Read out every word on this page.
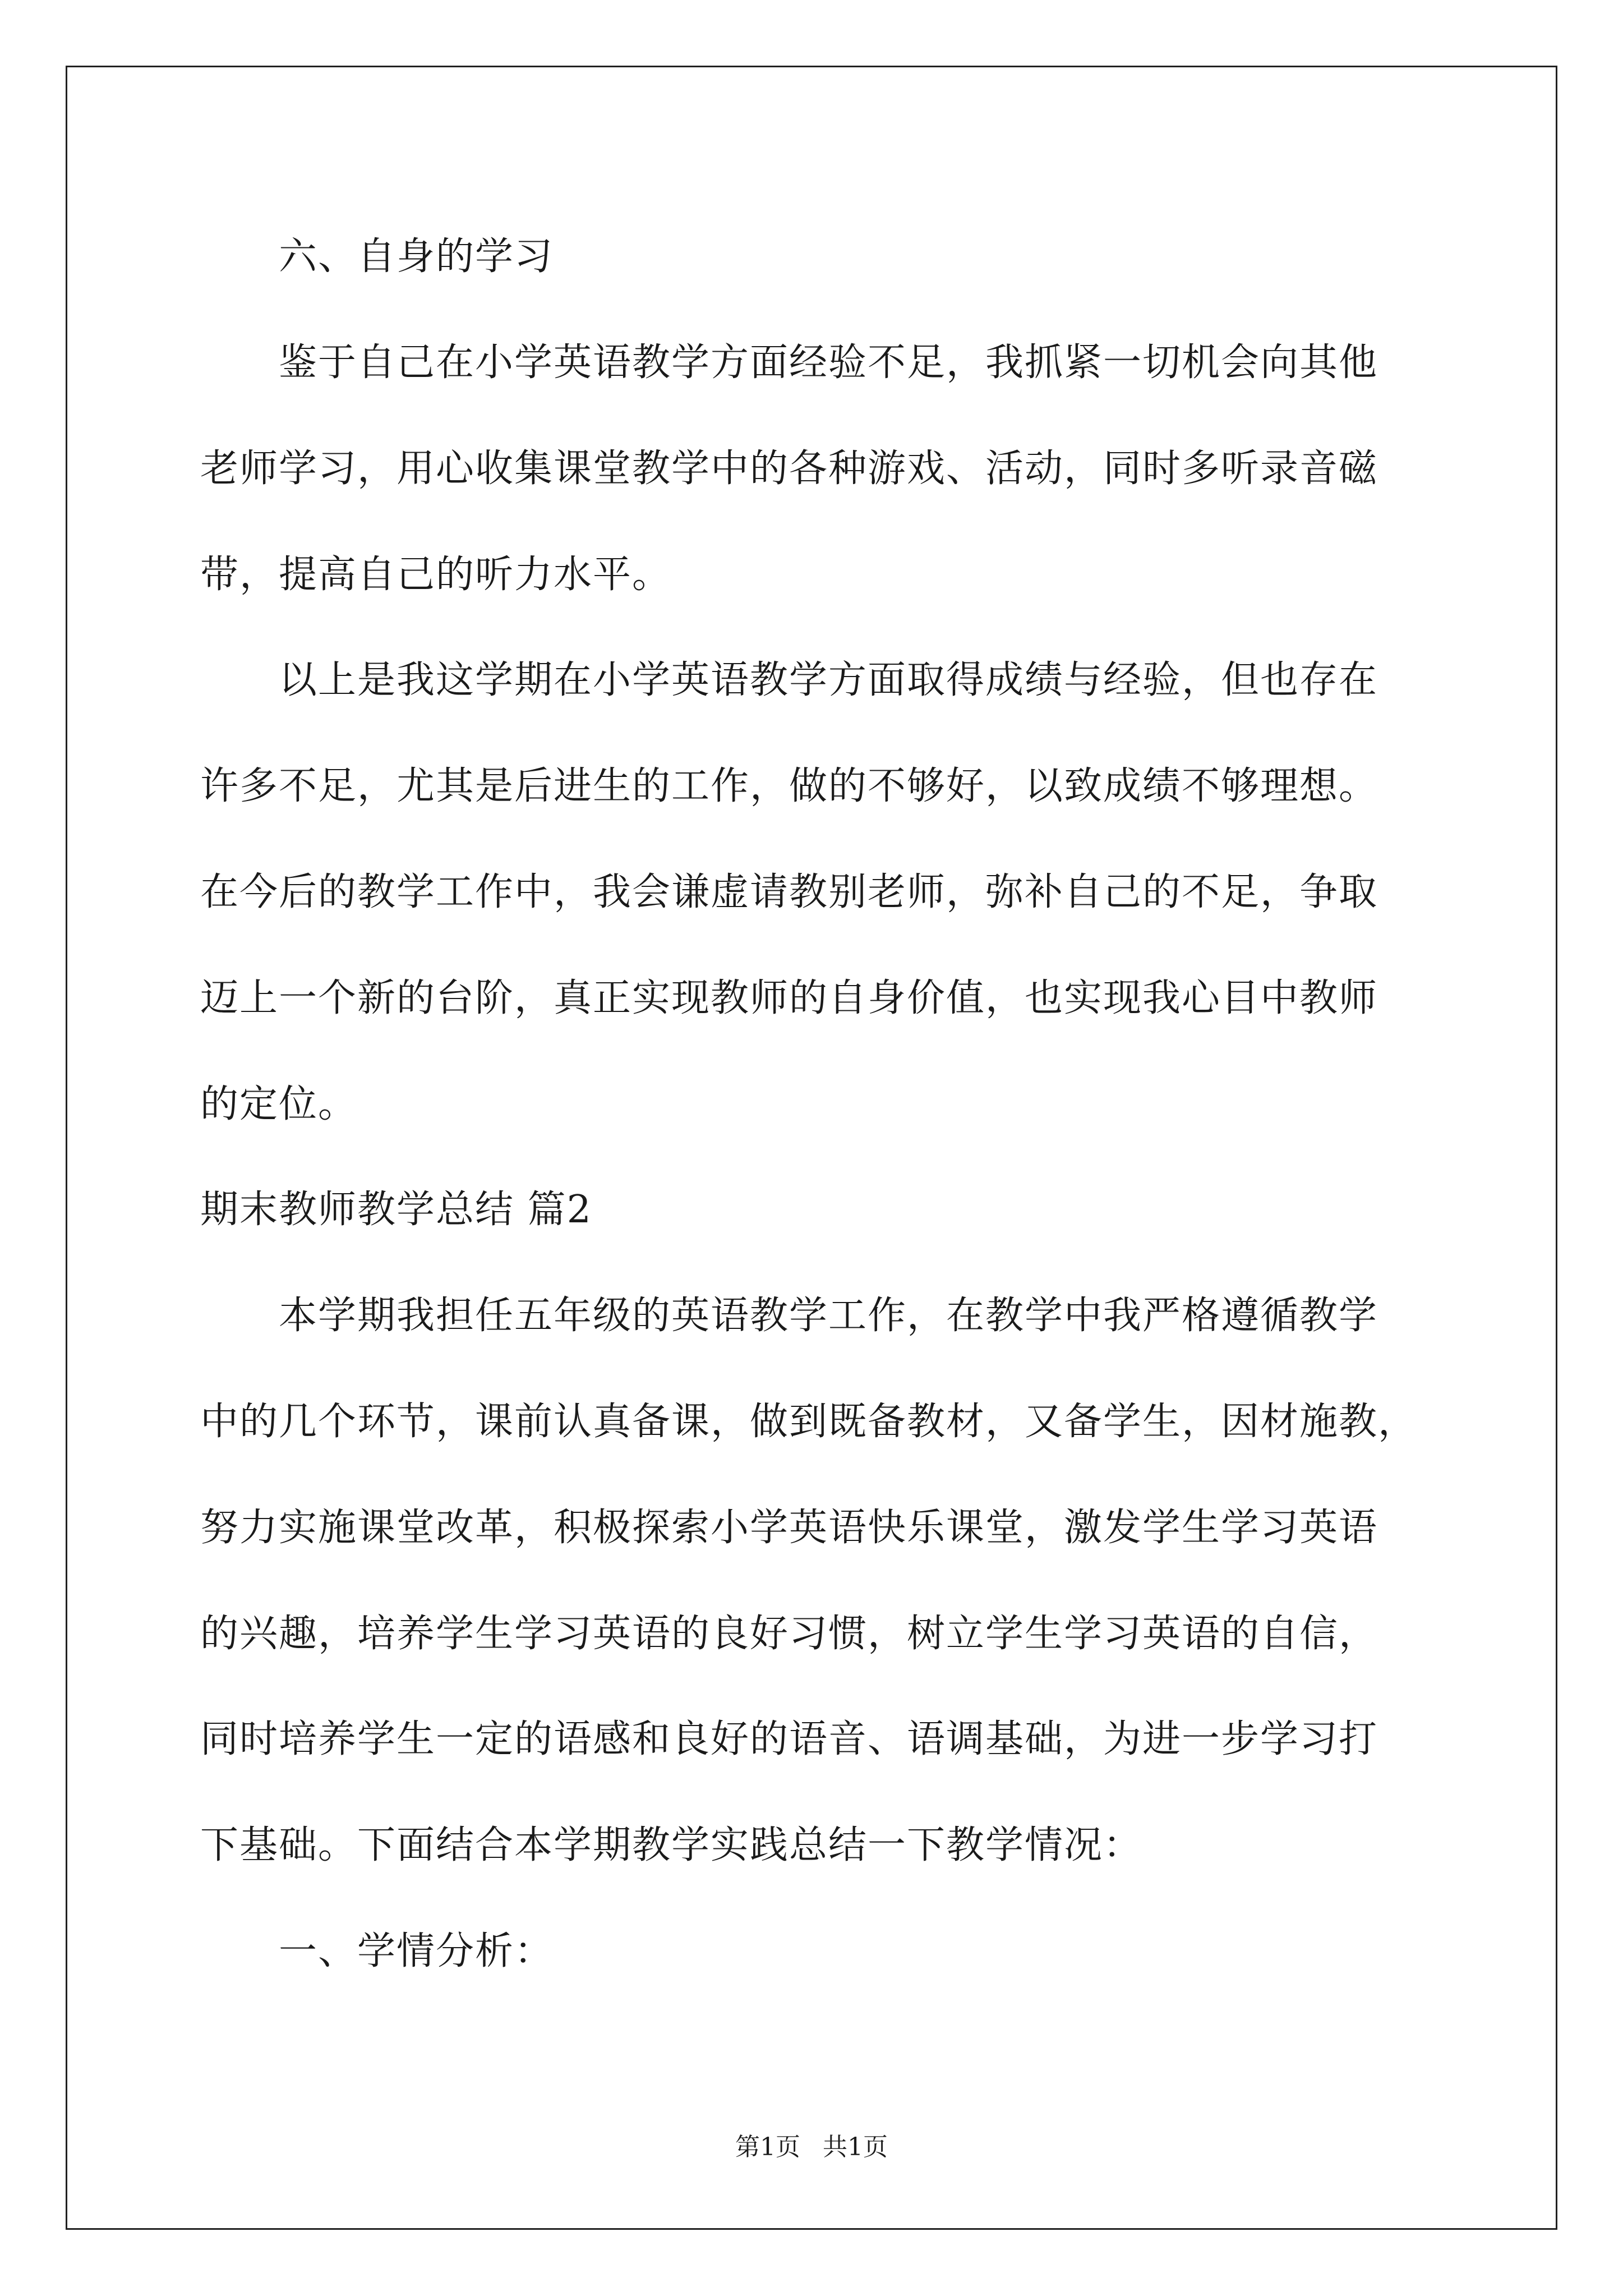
　　六、自身的学习
　　鉴于自己在小学英语教学方面经验不足，我抓紧一切机会向其他
老师学习，用心收集课堂教学中的各种游戏、活动，同时多听录音磁
带，提高自己的听力水平。
　　以上是我这学期在小学英语教学方面取得成绩与经验，但也存在
许多不足，尤其是后进生的工作，做的不够好，以致成绩不够理想。
在今后的教学工作中，我会谦虚请教别老师，弥补自己的不足，争取
迈上一个新的台阶，真正实现教师的自身价值，也实现我心目中教师
的定位。
期末教师教学总结 篇2
　　本学期我担任五年级的英语教学工作，在教学中我严格遵循教学
中的几个环节，课前认真备课，做到既备教材，又备学生，因材施教，
努力实施课堂改革，积极探索小学英语快乐课堂，激发学生学习英语
的兴趣，培养学生学习英语的良好习惯，树立学生学习英语的自信，
同时培养学生一定的语感和良好的语音、语调基础，为进一步学习打
下基础。下面结合本学期教学实践总结一下教学情况：
　　一、学情分析：
第1页 共1页
